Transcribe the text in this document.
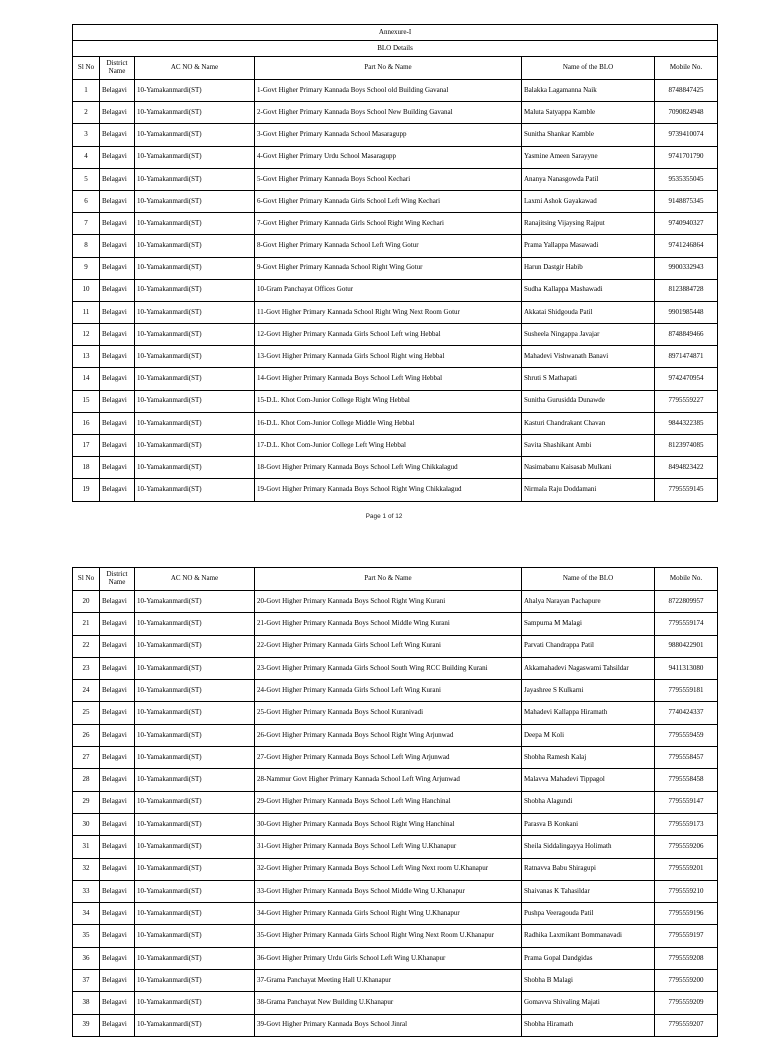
Annexure-I					
BLO Details					
Sl No	District Name	AC NO & Name	Part No & Name	Name of the BLO	Mobile No.
1	Belagavi	10-Yamakanmardi(ST)	1-Govt Higher Primary Kannada Boys School old Building Gavanal	Balakka Lagamanna Naik	8748847425
2	Belagavi	10-Yamakanmardi(ST)	2-Govt Higher Primary Kannada Boys School New Building Gavanal	Maluta Satyappa Kamble	7090824948
3	Belagavi	10-Yamakanmardi(ST)	3-Govt Higher Primary Kannada School Masaragupp	Sunitha Shankar Kamble	9739410074
4	Belagavi	10-Yamakanmardi(ST)	4-Govt Higher Primary Urdu School Masaragupp	Yasmine Ameen Sarayyne	9741701790
5	Belagavi	10-Yamakanmardi(ST)	5-Govt Higher Primary Kannada Boys School Kechari	Ananya Nanasgowda Patil	9535355045
6	Belagavi	10-Yamakanmardi(ST)	6-Govt Higher Primary Kannada Girls School Left Wing Kechari	Laxmi Ashok Gayakawad	9148875345
7	Belagavi	10-Yamakanmardi(ST)	7-Govt Higher Primary Kannada Girls School Right Wing Kechari	Ranajitsing Vijaysing Rajput	9740940327
8	Belagavi	10-Yamakanmardi(ST)	8-Govt Higher Primary Kannada School Left Wing Gotur	Prama Yallappa Masawadi	9741246864
9	Belagavi	10-Yamakanmardi(ST)	9-Govt Higher Primary Kannada School Right Wing Gotur	Harun Dastgir Habib	9900332943
10	Belagavi	10-Yamakanmardi(ST)	10-Gram Panchayat Offices Gotur	Sudha Kallappa Mashawadi	8123884728
11	Belagavi	10-Yamakanmardi(ST)	11-Govt Higher Primary Kannada School Right Wing Next Room Gotur	Akkatai Shidgouda Patil	9901985448
12	Belagavi	10-Yamakanmardi(ST)	12-Govt Higher Primary Kannada Girls School Left wing Hebbal	Susheela Ningappa Javajar	8748849466
13	Belagavi	10-Yamakanmardi(ST)	13-Govt Higher Primary Kannada Girls School Right wing Hebbal	Mahadevi Vishwanath Banavi	8971474871
14	Belagavi	10-Yamakanmardi(ST)	14-Govt Higher Primary Kannada Boys School Left Wing Hebbal	Shruti S Mathapati	9742470954
15	Belagavi	10-Yamakanmardi(ST)	15-D.L. Khot Com-Junior College Right Wing Hebbal	Sunitha Gurusidda Dunawde	7795559227
16	Belagavi	10-Yamakanmardi(ST)	16-D.L. Khot Com-Junior College Middle Wing Hebbal	Kasturi Chandrakant Chavan	9844322385
17	Belagavi	10-Yamakanmardi(ST)	17-D.L. Khot Com-Junior College Left Wing Hebbal	Savita Shashikant Ambi	8123974085
18	Belagavi	10-Yamakanmardi(ST)	18-Govt Higher Primary Kannada Boys School Left Wing Chikkalagud	Nasimabanu Kaisasab Mulkani	8494823422
19	Belagavi	10-Yamakanmardi(ST)	19-Govt Higher Primary Kannada Boys School Right Wing Chikkalagud	Nirmala Raju Doddamani	7795559145
Page 1 of 12
Sl No	District Name	AC NO & Name	Part No & Name	Name of the BLO	Mobile No.
20	Belagavi	10-Yamakanmardi(ST)	20-Govt Higher Primary Kannada Boys School Right Wing Kurani	Ahalya Narayan Pachapure	8722809957
21	Belagavi	10-Yamakanmardi(ST)	21-Govt Higher Primary Kannada Boys School Middle Wing Kurani	Sampurna M Malagi	7795559174
22	Belagavi	10-Yamakanmardi(ST)	22-Govt Higher Primary Kannada Girls School Left Wing Kurani	Parvati Chandrappa Patil	9880422901
23	Belagavi	10-Yamakanmardi(ST)	23-Govt Higher Primary Kannada Girls School South Wing RCC Building Kurani	Akkamahadevi Nagaswami Tahsildar	9411313080
24	Belagavi	10-Yamakanmardi(ST)	24-Govt Higher Primary Kannada Girls School Left Wing Kurani	Jayashree S Kulkarni	7795559181
25	Belagavi	10-Yamakanmardi(ST)	25-Govt Higher Primary Kannada Boys School Kuranivadi	Mahadevi Kallappa Hiramath	7740424337
26	Belagavi	10-Yamakanmardi(ST)	26-Govt Higher Primary Kannada Boys School Right Wing Arjunwad	Deepa M Koli	7795559459
27	Belagavi	10-Yamakanmardi(ST)	27-Govt Higher Primary Kannada Boys School Left Wing Arjunwad	Shobha Ramesh Kalaj	7795558457
28	Belagavi	10-Yamakanmardi(ST)	28-Nammur Govt Higher Primary Kannada School Left Wing Arjunwad	Malavva Mahadevi Tippagol	7795558458
29	Belagavi	10-Yamakanmardi(ST)	29-Govt Higher Primary Kannada Boys School Left Wing Hanchinal	Shobha Alagundi	7795559147
30	Belagavi	10-Yamakanmardi(ST)	30-Govt Higher Primary Kannada Boys School Right Wing Hanchinal	Parasva B Konkani	7795559173
31	Belagavi	10-Yamakanmardi(ST)	31-Govt Higher Primary Kannada Boys School Left Wing U.Khanapur	Sheila Siddalingayya Holimath	7795559206
32	Belagavi	10-Yamakanmardi(ST)	32-Govt Higher Primary Kannada Boys School Left Wing Next room U.Khanapur	Ratnavva Babu Shiragupi	7795559201
33	Belagavi	10-Yamakanmardi(ST)	33-Govt Higher Primary Kannada Boys School Middle Wing U.Khanapur	Shaivanas K Tahasildar	7795559210
34	Belagavi	10-Yamakanmardi(ST)	34-Govt Higher Primary Kannada Girls School Right Wing U.Khanapur	Pushpa Veeragouda Patil	7795559196
35	Belagavi	10-Yamakanmardi(ST)	35-Govt Higher Primary Kannada Girls School Right Wing Next Room U.Khanapur	Radhika Laxmikant Bommanavadi	7795559197
36	Belagavi	10-Yamakanmardi(ST)	36-Govt Higher Primary Urdu Girls School Left Wing U.Khanapur	Prama Gopal Dandgidas	7795559208
37	Belagavi	10-Yamakanmardi(ST)	37-Grama Panchayat Meeting Hall U.Khanapur	Shobha B Malagi	7795559200
38	Belagavi	10-Yamakanmardi(ST)	38-Grama Panchayat New Building U.Khanapur	Gomavva Shivaling Majati	7795559209
39	Belagavi	10-Yamakanmardi(ST)	39-Govt Higher Primary Kannada Boys School Jinral	Shobha Hiramath	7795559207
